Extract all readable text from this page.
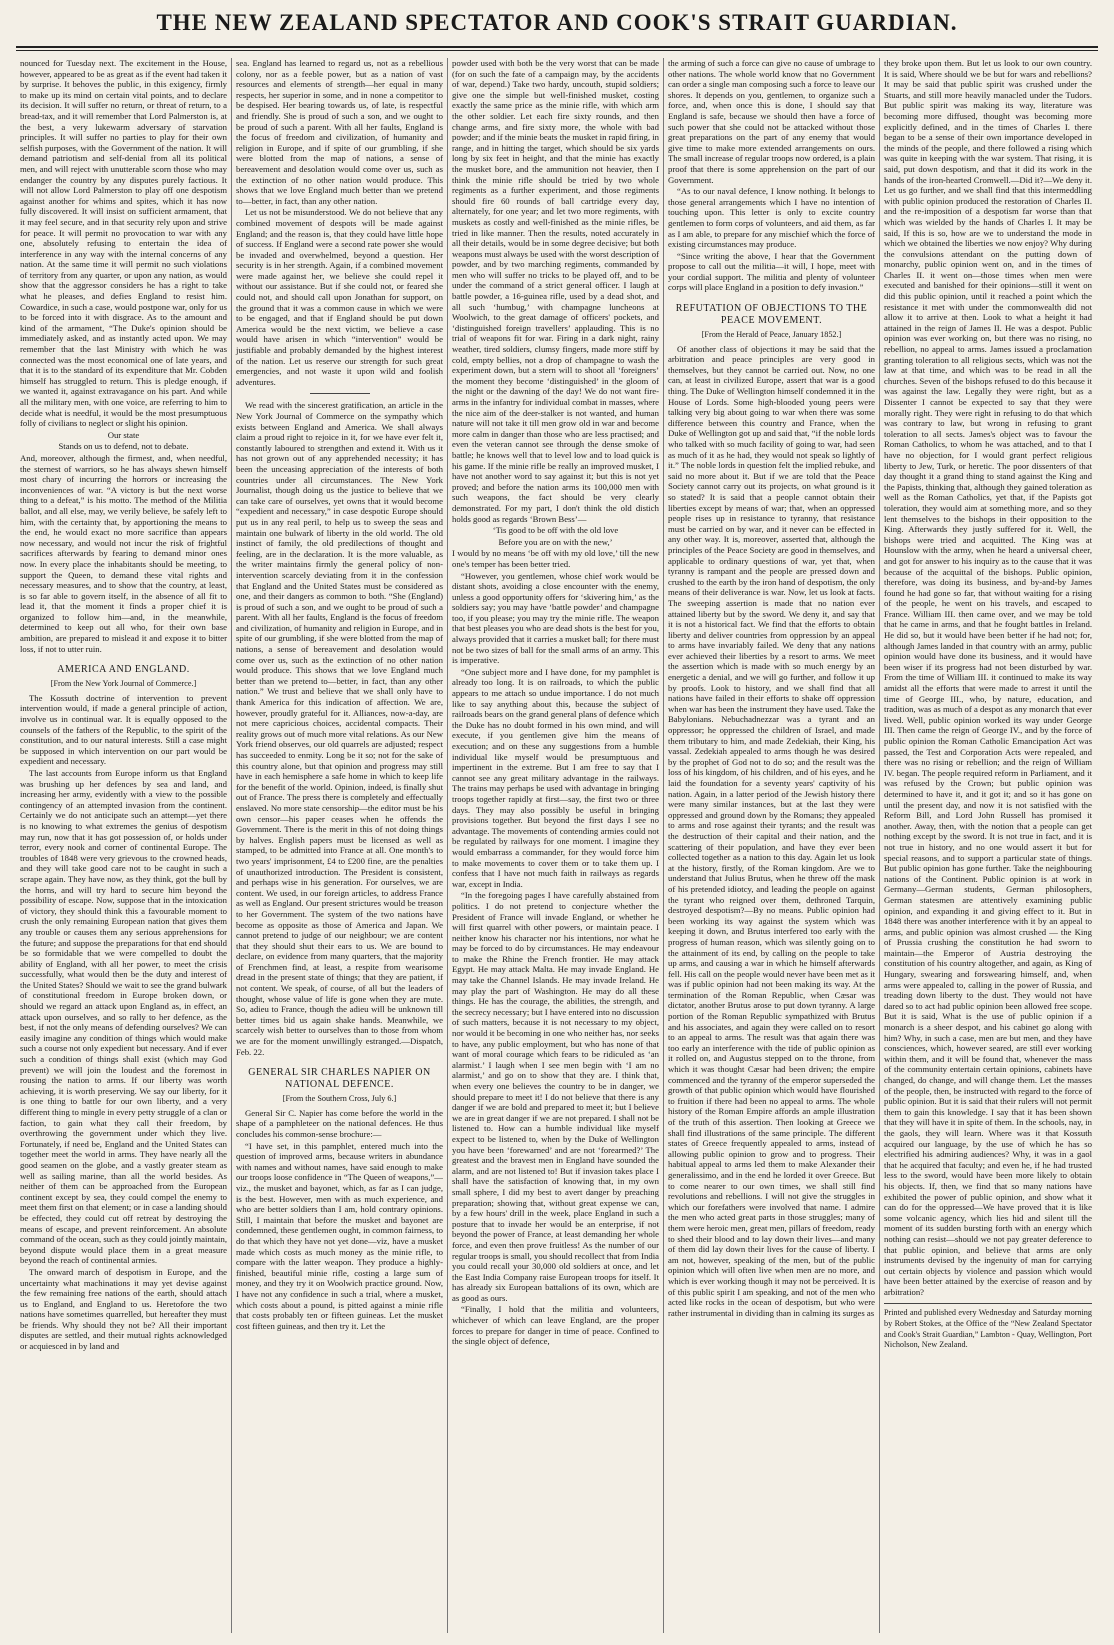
THE NEW ZEALAND SPECTATOR AND COOK'S STRAIT GUARDIAN.

nounced for Tuesday next. The excitement in the House, however, appeared to be as great as if the event had taken it by surprise. It behoves the public, in this exigency, firmly to make up its mind on certain vital points, and to declare its decision. It will suffer no return, or threat of return, to a bread-tax, and it will remember that Lord Palmerston is, at the best, a very lukewarm adversary of starvation principles. It will suffer no parties to play for their own selfish purposes, with the Government of the nation. It will demand patriotism and self-denial from all its political men, and will reject with unutterable scorn those who may endanger the country by any disputes purely factious. It will not allow Lord Palmerston to play off one despotism against another for whims and spites, which it has now fully discovered. It will insist on sufficient armament, that it may feel secure, and in that security rely upon and strive for peace. It will permit no provocation to war with any one, absolutely refusing to entertain the idea of interference in any way with the internal concerns of any nation. At the same time it will permit no such violations of territory from any quarter, or upon any nation, as would show that the aggressor considers he has a right to take what he pleases, and defies England to resist him. Cowardice, in such a case, would postpone war, only for us to be forced into it with disgrace. As to the amount and kind of the armament, “The Duke's opinion should be immediately asked, and as instantly acted upon. We may remember that the last Ministry with which he was connected was the most economical one of late years, and that it is to the standard of its expenditure that Mr. Cobden himself has struggled to return. This is pledge enough, if we wanted it, against extravagance on his part. And while all the military men, with one voice, are referring to him to decide what is needful, it would be the most presumptuous folly of civilians to neglect or slight his opinion.

Our state

Stands on us to defend, not to debate.

And, moreover, although the firmest, and, when needful, the sternest of warriors, so he has always shewn himself most chary of incurring the horrors or increasing the inconveniences of war. “A victory is but the next worse thing to a defeat,” is his motto. The method of the Militia ballot, and all else, may, we verily believe, be safely left to him, with the certainty that, by apportioning the means to the end, he would exact no more sacrifice than appears now necessary, and would not incur the risk of frightful sacrifices afterwards by fearing to demand minor ones now. In every place the inhabitants should be meeting, to support the Queen, to demand these vital rights and necessary measures, and to show that the country, at least, is so far able to govern itself, in the absence of all fit to lead it, that the moment it finds a proper chief it is organized to follow him—and, in the meanwhile, determined to keep out all who, for their own base ambition, are prepared to mislead it and expose it to bitter loss, if not to utter ruin.

AMERICA AND ENGLAND.

[From the New York Journal of Commerce.]

The Kossuth doctrine of intervention to prevent intervention would, if made a general principle of action, involve us in continual war. It is equally opposed to the counsels of the fathers of the Republic, to the spirit of the constitution, and to our natural interests. Still a case might be supposed in which intervention on our part would be expedient and necessary.

The last accounts from Europe inform us that England was brushing up her defences by sea and land, and increasing her army, evidently with a view to the possible contingency of an attempted invasion from the continent. Certainly we do not anticipate such an attempt—yet there is no knowing to what extremes the genius of despotism may run, now that it has got possession of, or holds under terror, every nook and corner of continental Europe. The troubles of 1848 were very grievous to the crowned heads, and they will take good care not to be caught in such a scrape again. They have now, as they think, got the bull by the horns, and will try hard to secure him beyond the possibility of escape. Now, suppose that in the intoxication of victory, they should think this a favourable moment to crush the only remaining European nation that gives them any trouble or causes them any serious apprehensions for the future; and suppose the preparations for that end should be so formidable that we were compelled to doubt the ability of England, with all her power, to meet the crisis successfully, what would then be the duty and interest of the United States? Should we wait to see the grand bulwark of constitutional freedom in Europe broken down, or should we regard an attack upon England as, in effect, an attack upon ourselves, and so rally to her defence, as the best, if not the only means of defending ourselves? We can easily imagine any condition of things which would make such a course not only expedient but necessary. And if ever such a condition of things shall exist (which may God prevent) we will join the loudest and the foremost in rousing the nation to arms. If our liberty was worth achieving, it is worth preserving. We say our liberty, for it is one thing to battle for our own liberty, and a very different thing to mingle in every petty struggle of a clan or faction, to gain what they call their freedom, by overthrowing the government under which they live. Fortunately, if need be, England and the United States can together meet the world in arms. They have nearly all the good seamen on the globe, and a vastly greater steam as well as sailing marine, than all the world besides. As neither of them can be approached from the European continent except by sea, they could compel the enemy to meet them first on that element; or in case a landing should be effected, they could cut off retreat by destroying the means of escape, and prevent reinforcement. An absolute command of the ocean, such as they could jointly maintain, beyond dispute would place them in a great measure beyond the reach of continental armies.

The onward march of despotism in Europe, and the uncertainty what machinations it may yet devise against the few remaining free nations of the earth, should attach us to England, and England to us. Heretofore the two nations have sometimes quarrelled, but hereafter they must be friends. Why should they not be? All their important disputes are settled, and their mutual rights acknowledged or acquiesced in by land and

sea. England has learned to regard us, not as a rebellious colony, nor as a feeble power, but as a nation of vast resources and elements of strength—her equal in many respects, her superior in some, and in none a competitor to be despised. Her bearing towards us, of late, is respectful and friendly. She is proud of such a son, and we ought to be proud of such a parent. With all her faults, England is the focus of freedom and civilization, of humanity and religion in Europe, and if spite of our grumbling, if she were blotted from the map of nations, a sense of bereavement and desolation would come over us, such as the extinction of no other nation would produce. This shows that we love England much better than we pretend to—better, in fact, than any other nation.

Let us not be misunderstood. We do not believe that any combined movement of despots will be made against England; and the reason is, that they could have little hope of success. If England were a second rate power she would be invaded and overwhelmed, beyond a question. Her security is in her strength. Again, if a combined movement were made against her, we believe she could repel it without our assistance. But if she could not, or feared she could not, and should call upon Jonathan for support, on the ground that it was a common cause in which we were to be engaged, and that if England should be put down America would be the next victim, we believe a case would have arisen in which “intervention” would be justifiable and probably demanded by the highest interest of the nation. Let us reserve our strength for such great emergencies, and not waste it upon wild and foolish adventures.

We read with the sincerest gratification, an article in the New York Journal of Commerce on the sympathy which exists between England and America. We shall always claim a proud right to rejoice in it, for we have ever felt it, constantly laboured to strengthen and extend it. With us it has not grown out of any apprehended necessity; it has been the unceasing appreciation of the interests of both countries under all circumstances. The New York Journalist, though doing us the justice to believe that we can take care of ourselves, yet owns that it would become “expedient and necessary,” in case despotic Europe should put us in any real peril, to help us to sweep the seas and maintain one bulwark of liberty in the old world. The old instinct of family, the old predilections of thought and feeling, are in the declaration. It is the more valuable, as the writer maintains firmly the general policy of non-intervention scarcely deviating from it in the confession that England and the United States must be considered as one, and their dangers as common to both. “She (England) is proud of such a son, and we ought to be proud of such a parent. With all her faults, England is the focus of freedom and civilization, of humanity and religion in Europe, and in spite of our grumbling, if she were blotted from the map of nations, a sense of bereavement and desolation would come over us, such as the extinction of no other nation would produce. This shows that we love England much better than we pretend to—better, in fact, than any other nation.” We trust and believe that we shall only have to thank America for this indication of affection. We are, however, proudly grateful for it. Alliances, now-a-day, are not mere capricious choices, accidental compacts. Their reality grows out of much more vital relations. As our New York friend observes, our old quarrels are adjusted; respect has succeeded to enmity. Long be it so; not for the sake of this country alone, but that opinion and progress may still have in each hemisphere a safe home in which to keep life for the benefit of the world. Opinion, indeed, is finally shut out of France. The press there is completely and effectually enslaved. No more state censorship—the editor must be his own censor—his paper ceases when he offends the Government. There is the merit in this of not doing things by halves. English papers must be licensed as well as stamped, to be admitted into France at all. One month's to two years' imprisonment, £4 to £200 fine, are the penalties of unauthorized introduction. The President is consistent, and perhaps wise in his generation. For ourselves, we are content. We used, in our foreign articles, to address France as well as England. Our present strictures would be treason to her Government. The system of the two nations have become as opposite as those of America and Japan. We cannot pretend to judge of our neighbour; we are content that they should shut their ears to us. We are bound to declare, on evidence from many quarters, that the majority of Frenchmen find, at least, a respite from wearisome dread in the present state of things; that they are patient, if not content. We speak, of course, of all but the leaders of thought, whose value of life is gone when they are mute. So, adieu to France, though the adieu will be unknown till better times bid us again shake hands. Meanwhile, we scarcely wish better to ourselves than to those from whom we are for the moment unwillingly estranged.—Dispatch, Feb. 22.

GENERAL SIR CHARLES NAPIER ON NATIONAL DEFENCE.

[From the Southern Cross, July 6.]

General Sir C. Napier has come before the world in the shape of a pamphleteer on the national defences. He thus concludes his common-sense brochure:—

“I have set, in this pamphlet, entered much into the question of improved arms, because writers in abundance with names and without names, have said enough to make our troops loose confidence in “The Queen of weapons,”—viz., the musket and bayonet, which, as far as I can judge, is the best. However, men with as much experience, and who are better soldiers than I am, hold contrary opinions. Still, I maintain that before the musket and bayonet are condemned, these gentlemen ought, in common fairness, to do that which they have not yet done—viz, have a musket made which costs as much money as the minie rifle, to compare with the latter weapon. They produce a highly-finished, beautiful minie rifle, costing a large sum of money, and they try it on Woolwich practice ground. Now, I have not any confidence in such a trial, where a musket, which costs about a pound, is pitted against a minie rifle that costs probably ten or fifteen guineas. Let the musket cost fifteen guineas, and then try it. Let the

powder used with both be the very worst that can be made (for on such the fate of a campaign may, by the accidents of war, depend.) Take two hardy, uncouth, stupid soldiers; give one the simple but well-finished musket, costing exactly the same price as the minie rifle, with which arm the other soldier. Let each fire sixty rounds, and then change arms, and fire sixty more, the whole with bad powder; and if the minie beats the musket in rapid firing, in range, and in hitting the target, which should be six yards long by six feet in height, and that the minie has exactly the musket bore, and the ammunition not heavier, then I think the minie rifle should be tried by two whole regiments as a further experiment, and those regiments should fire 60 rounds of ball cartridge every day, alternately, for one year; and let two more regiments, with muskets as costly and well-finished as the minie rifles, be tried in like manner. Then the results, noted accurately in all their details, would be in some degree decisive; but both weapons must always be used with the worst description of powder, and by two marching regiments, commanded by men who will suffer no tricks to be played off, and to be under the command of a strict general officer. I laugh at battle powder, a 16-guinea rifle, used by a dead shot, and all such ‘humbug,’ with champagne luncheons at Woolwich, to the great damage of officers' pockets, and ‘distinguished foreign travellers’ applauding. This is no trial of weapons fit for war. Firing in a dark night, rainy weather, tired soldiers, clumsy fingers, made more stiff by cold, empty bellies, not a drop of champagne to wash the experiment down, but a stern will to shoot all ‘foreigners’ the moment they become ‘distinguished’ in the gloom of the night or the dawning of the day! We do not want fire-arms in the infantry for individual combat in masses, where the nice aim of the deer-stalker is not wanted, and human nature will not take it till men grow old in war and become more calm in danger than those who are less practised; and even the veteran cannot see through the dense smoke of battle; he knows well that to level low and to load quick is his game. If the minie rifle be really an improved musket, I have not another word to say against it; but this is not yet proved; and before the nation arms its 100,000 men with such weapons, the fact should be very clearly demonstrated. For my part, I don't think the old distich holds good as regards ‘Brown Bess’—

‘Tis good to be off with the old love

Before you are on with the new,’

I would by no means ‘be off with my old love,’ till the new one's temper has been better tried.

“However, you gentlemen, whose chief work would be distant shots, avoiding a close encounter with the enemy, unless a good opportunity offers for ‘skivering him,’ as the soldiers say; you may have ‘battle powder’ and champagne too, if you please; you may try the minie rifle. The weapon that best pleases you who are dead shots is the best for you, always provided that it carries a musket ball; for there must not be two sizes of ball for the small arms of an army. This is imperative.

“One subject more and I have done, for my pamphlet is already too long. It is on railroads, to which the public appears to me attach so undue importance. I do not much like to say anything about this, because the subject of railroads bears on the grand general plans of defence which the Duke has no doubt formed in his own mind, and will execute, if you gentlemen give him the means of execution; and on these any suggestions from a humble individual like myself would be presumptuous and impertinent in the extreme. But I am free to say that I cannot see any great military advantage in the railways. The trains may perhaps be used with advantage in bringing troops together rapidly at first—say, the first two or three days. They may also possibly be useful in bringing provisions together. But beyond the first days I see no advantage. The movements of contending armies could not be regulated by railways for one moment. I imagine they would embarrass a commander, for they would force him to make movements to cover them or to take them up. I confess that I have not much faith in railways as regards war, except in India.

“In the foregoing pages I have carefully abstained from politics. I do not pretend to conjecture whether the President of France will invade England, or whether he will first quarrel with other powers, or maintain peace. I neither know his character nor his intentions, nor what he may be forced to do by circumstances. He may endeavour to make the Rhine the French frontier. He may attack Egypt. He may attack Malta. He may invade England. He may take the Channel Islands. He may invade Ireland. He may play the part of Washington. He may do all these things. He has the courage, the abilities, the strength, and the secrecy necessary; but I have entered into no discussion of such matters, because it is not necessary to my object, nor would it be becoming in one who neither has, nor seeks to have, any public employment, but who has none of that want of moral courage which fears to be ridiculed as ‘an alarmist.’ I laugh when I see men begin with ‘I am no alarmist,’ and go on to show that they are. I think that, when every one believes the country to be in danger, we should prepare to meet it! I do not believe that there is any danger if we are bold and prepared to meet it; but I believe we are in great danger if we are not prepared. I shall not be listened to. How can a humble individual like myself expect to be listened to, when by the Duke of Wellington you have been ‘forewarned’ and are not ‘forearmed?’ The greatest and the bravest men in England have sounded the alarm, and are not listened to! But if invasion takes place I shall have the satisfaction of knowing that, in my own small sphere, I did my best to avert danger by preaching preparation; showing that, without great expense we can, by a few hours' drill in the week, place England in such a posture that to invade her would be an enterprise, if not beyond the power of France, at least demanding her whole force, and even then prove fruitless! As the number of our regular troops is small, you should recollect that from India you could recall your 30,000 old soldiers at once, and let the East India Company raise European troops for itself. It has already six European battalions of its own, which are as good as ours.

“Finally, I hold that the militia and volunteers, whichever of which can leave England, are the proper forces to prepare for danger in time of peace. Confined to the single object of defence,

the arming of such a force can give no cause of umbrage to other nations. The whole world know that no Government can order a single man composing such a force to leave our shores. It depends on you, gentlemen, to organize such a force, and, when once this is done, I should say that England is safe, because we should then have a force of such power that she could not be attacked without those great preparations on the part of any enemy that would give time to make more extended arrangements on ours. The small increase of regular troops now ordered, is a plain proof that there is some apprehension on the part of our Government.

“As to our naval defence, I know nothing. It belongs to those general arrangements which I have no intention of touching upon. This letter is only to excite country gentlemen to form corps of volunteers, and aid them, as far as I am able, to prepare for any mischief which the force of existing circumstances may produce.

“Since writing the above, I hear that the Government propose to call out the militia—it will, I hope, meet with your cordial support. The militia and plenty of volunteer corps will place England in a position to defy invasion.”

REFUTATION OF OBJECTIONS TO THE PEACE MOVEMENT.

[From the Herald of Peace, January 1852.]

Of another class of objections it may be said that the arbitration and peace principles are very good in themselves, but they cannot be carried out. Now, no one can, at least in civilized Europe, assert that war is a good thing. The Duke of Wellington himself condemned it in the House of Lords. Some high-blooded young peers were talking very big about going to war when there was some difference between this country and France, when the Duke of Wellington got up and said that, “if the noble lords who talked with so much facility of going to war, had seen as much of it as he had, they would not speak so lightly of it.” The noble lords in question felt the implied rebuke, and said no more about it. But if we are told that the Peace Society cannot carry out its projects, on what ground is it so stated? It is said that a people cannot obtain their liberties except by means of war; that, when an oppressed people rises up in resistance to tyranny, that resistance must be carried on by war, and it never can be effected in any other way. It is, moreover, asserted that, although the principles of the Peace Society are good in themselves, and applicable to ordinary questions of war, yet that, when tyranny is rampant and the people are pressed down and crushed to the earth by the iron hand of despotism, the only means of their deliverance is war. Now, let us look at facts. The sweeping assertion is made that no nation ever attained liberty but by the sword. We deny it, and say that it is not a historical fact. We find that the efforts to obtain liberty and deliver countries from oppression by an appeal to arms have invariably failed. We deny that any nations ever achieved their liberties by a resort to arms. We meet the assertion which is made with so much energy by an energetic a denial, and we will go further, and follow it up by proofs. Look to history, and we shall find that all nations have failed in their efforts to shake off oppression when war has been the instrument they have used. Take the Babylonians. Nebuchadnezzar was a tyrant and an oppressor; he oppressed the children of Israel, and made them tributary to him, and made Zedekiah, their King, his vassal. Zedekiah appealed to arms though he was desired by the prophet of God not to do so; and the result was the loss of his kingdom, of his children, and of his eyes, and he laid the foundation for a seventy years' captivity of his nation. Again, in a latter period of the Jewish history there were many similar instances, but at the last they were oppressed and ground down by the Romans; they appealed to arms and rose against their tyrants; and the result was the destruction of their capital and their nation, and the scattering of their population, and have they ever been collected together as a nation to this day. Again let us look at the history, firstly, of the Roman kingdom. Are we to understand that Julius Brutus, when he threw off the mask of his pretended idiotcy, and leading the people on against the tyrant who reigned over them, dethroned Tarquin, destroyed despotism?—By no means. Public opinion had been working its way against the system which was keeping it down, and Brutus interfered too early with the progress of human reason, which was silently going on to the attainment of its end, by calling on the people to take up arms, and causing a war in which he himself afterwards fell. His call on the people would never have been met as it was if public opinion had not been making its way. At the termination of the Roman Republic, when Cæsar was dictator, another Brutus arose to put down tyranny. A large portion of the Roman Republic sympathized with Brutus and his associates, and again they were called on to resort to an appeal to arms. The result was that again there was too early an interference with the tide of public opinion as it rolled on, and Augustus stepped on to the throne, from which it was thought Cæsar had been driven; the empire commenced and the tyranny of the emperor superseded the growth of that public opinion which would have flourished to fruition if there had been no appeal to arms. The whole history of the Roman Empire affords an ample illustration of the truth of this assertion. Then looking at Greece we shall find illustrations of the same principle. The different states of Greece frequently appealed to arms, instead of allowing public opinion to grow and to progress. Their habitual appeal to arms led them to make Alexander their generalissimo, and in the end he lorded it over Greece. But to come nearer to our own times, we shall still find revolutions and rebellions. I will not give the struggles in which our forefathers were involved that name. I admire the men who acted great parts in those struggles; many of them were heroic men, great men, pillars of freedom, ready to shed their blood and to lay down their lives—and many of them did lay down their lives for the cause of liberty. I am not, however, speaking of the men, but of the public opinion which will often live when men are no more, and which is ever working though it may not be perceived. It is of this public spirit I am speaking, and not of the men who acted like rocks in the ocean of despotism, but who were rather instrumental in dividing than in calming its surges as

they broke upon them. But let us look to our own country. It is said, Where should we be but for wars and rebellions? It may be said that public spirit was crushed under the Stuarts, and still more heavily manacled under the Tudors. But public spirit was making its way, literature was becoming more diffused, thought was becoming more explicitly defined, and in the times of Charles I. there began to be a sense of their own importance developed in the minds of the people, and there followed a rising which was quite in keeping with the war system. That rising, it is said, put down despotism, and that it did its work in the hands of the iron-hearted Cromwell.—Did it?—We deny it. Let us go further, and we shall find that this intermeddling with public opinion produced the restoration of Charles II. and the re-imposition of a despotism far worse than that which was wielded by the hands of Charles I. It may be said, If this is so, how are we to understand the mode in which we obtained the liberties we now enjoy? Why during the convulsions attendant on the putting down of monarchy, public opinion went on, and in the times of Charles II. it went on—those times when men were executed and banished for their opinions—still it went on did this public opinion, until it reached a point which the resistance it met with under the commonwealth did not allow it to arrive at then. Look to what a height it had attained in the reign of James II. He was a despot. Public opinion was ever working on, but there was no rising, no rebellion, no appeal to arms. James issued a proclamation granting toleration to all religious sects, which was not the law at that time, and which was to be read in all the churches. Seven of the bishops refused to do this because it was against the law. Legally they were right, but as a Dissenter I cannot be expected to say that they were morally right. They were right in refusing to do that which was contrary to law, but wrong in refusing to grant toleration to all sects. James's object was to favour the Roman Catholics, to whom he was attached, and to that I have no objection, for I would grant perfect religious liberty to Jew, Turk, or heretic. The poor dissenters of that day thought it a grand thing to stand against the King and the Papists, thinking that, although they gained toleration as well as the Roman Catholics, yet that, if the Papists got toleration, they would aim at something more, and so they lent themselves to the bishops in their opposition to the King. Afterwards they justly suffered for it. Well, the bishops were tried and acquitted. The King was at Hounslow with the army, when he heard a universal cheer, and got for answer to his inquiry as to the cause that it was because of the acquittal of the bishops. Public opinion, therefore, was doing its business, and by-and-by James found he had gone so far, that without waiting for a rising of the people, he went on his travels, and escaped to France. William III. then came over, and we may be told that he came in arms, and that he fought battles in Ireland. He did so, but it would have been better if he had not; for, although James landed in that country with an army, public opinion would have done its business, and it would have been wiser if its progress had not been disturbed by war. From the time of William III. it continued to make its way amidst all the efforts that were made to arrest it until the time of George III., who, by nature, education, and tradition, was as much of a despot as any monarch that ever lived. Well, public opinion worked its way under George III. Then came the reign of George IV., and by the force of public opinion the Roman Catholic Emancipation Act was passed, the Test and Corporation Acts were repealed, and there was no rising or rebellion; and the reign of William IV. began. The people required reform in Parliament, and it was refused by the Crown; but public opinion was determined to have it, and it got it; and so it has gone on until the present day, and now it is not satisfied with the Reform Bill, and Lord John Russell has promised it another. Away, then, with the notion that a people can get nothing except by the sword. It is not true in fact, and it is not true in history, and no one would assert it but for special reasons, and to support a particular state of things. But public opinion has gone further. Take the neighbouring nations of the Continent. Public opinion is at work in Germany—German students, German philosophers, German statesmen are attentively examining public opinion, and expanding it and giving effect to it. But in 1848 there was another interference with it by an appeal to arms, and public opinion was almost crushed — the King of Prussia crushing the constitution he had sworn to maintain—the Emperor of Austria destroying the constitution of his country altogether, and again, as King of Hungary, swearing and forswearing himself, and, when arms were appealed to, calling in the power of Russia, and treading down liberty to the dust. They would not have dared so to act had public opinion been allowed free scope. But it is said, What is the use of public opinion if a monarch is a sheer despot, and his cabinet go along with him? Why, in such a case, men are but men, and they have consciences, which, however seared, are still ever working within them, and it will be found that, whenever the mass of the community entertain certain opinions, cabinets have changed, do change, and will change them. Let the masses of the people, then, be instructed with regard to the force of public opinion. But it is said that their rulers will not permit them to gain this knowledge. I say that it has been shown that they will have it in spite of them. In the schools, nay, in the gaols, they will learn. Where was it that Kossuth acquired our language, by the use of which he has so electrified his admiring audiences? Why, it was in a gaol that he acquired that faculty; and even he, if he had trusted less to the sword, would have been more likely to obtain his objects. If, then, we find that so many nations have exhibited the power of public opinion, and show what it can do for the oppressed—We have proved that it is like some volcanic agency, which lies hid and silent till the moment of its sudden bursting forth with an energy which nothing can resist—should we not pay greater deference to that public opinion, and believe that arms are only instruments devised by the ingenuity of man for carrying out certain objects by violence and passion which would have been better attained by the exercise of reason and by arbitration?

Printed and published every Wednesday and Saturday morning by Robert Stokes, at the Office of the “New Zealand Spectator and Cook's Strait Guardian,” Lambton - Quay, Wellington, Port Nicholson, New Zealand.
